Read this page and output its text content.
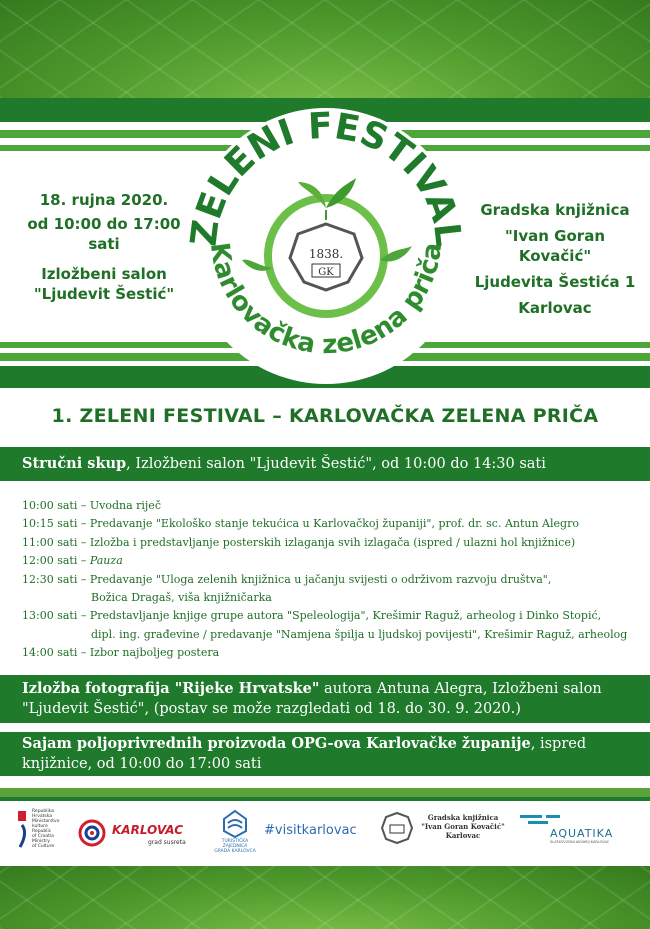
18. rujna 2020.
od 10:00 do 17:00 sati
Izložbeni salon
"Ljudevit Šestić"
Gradska knjižnica
"Ivan Goran Kovačić"
Ljudevita Šestića 1
Karlovac
ZELENI FESTIVAL
Karlovačka zelena priča
1838.
GK
1. ZELENI FESTIVAL – KARLOVAČKA ZELENA PRIČA
Stručni skup, Izložbeni salon "Ljudevit Šestić", od 10:00 do 14:30 sati
10:00 sati – Uvodna riječ
10:15 sati – Predavanje "Ekološko stanje tekućica u Karlovačkoj županiji", prof. dr. sc. Antun Alegro
11:00 sati – Izložba i predstavljanje posterskih izlaganja svih izlagača (ispred / ulazni hol knjižnice)
12:00 sati – Pauza
12:30 sati – Predavanje "Uloga zelenih knjižnica u jačanju svijesti o održivom razvoju društva",
Božica Dragaš, viša knjižničarka
13:00 sati – Predstavljanje knjige grupe autora "Speleologija", Krešimir Raguž, arheolog i Dinko Stopić,
dipl. ing. građevine / predavanje "Namjena špilja u ljudskoj povijesti", Krešimir Raguž, arheolog
14:00 sati – Izbor najboljeg postera
Izložba fotografija "Rijeke Hrvatske" autora Antuna Alegra, Izložbeni salon "Ljudevit Šestić", (postav se može razgledati od 18. do 30. 9. 2020.)
Sajam poljoprivrednih proizvoda OPG-ova Karlovačke županije, ispred knjižnice, od 10:00 do 17:00 sati
Republika
Hrvatska
Ministarstvo
kulture
Republic
of Croatia
Ministry
of Culture
KARLOVAC
grad susreta	TURISTIČKA ZAJEDNICA
GRADA KARLOVCA
#visitkarlovac
Gradska knjižnica
"Ivan Goran Kovačić"
Karlovac	AQUATIKA
SLATKOVODNI AKVARIJ KARLOVAC
